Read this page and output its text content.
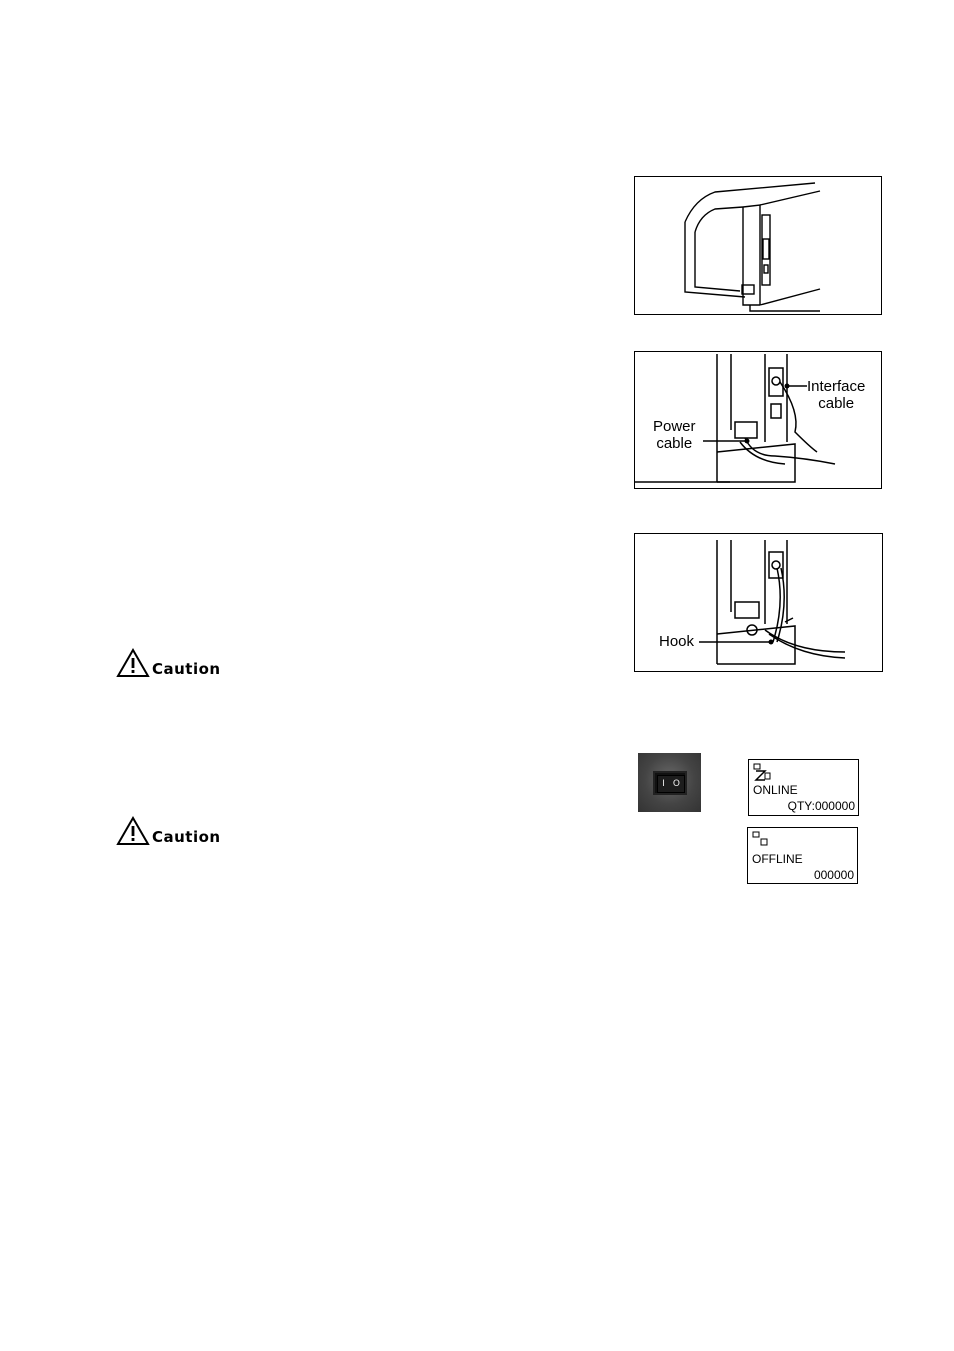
Caution
Caution
Interface
cable
Power
cable
Hook
I O	ONLINE
QTY:000000
OFFLINE
000000
